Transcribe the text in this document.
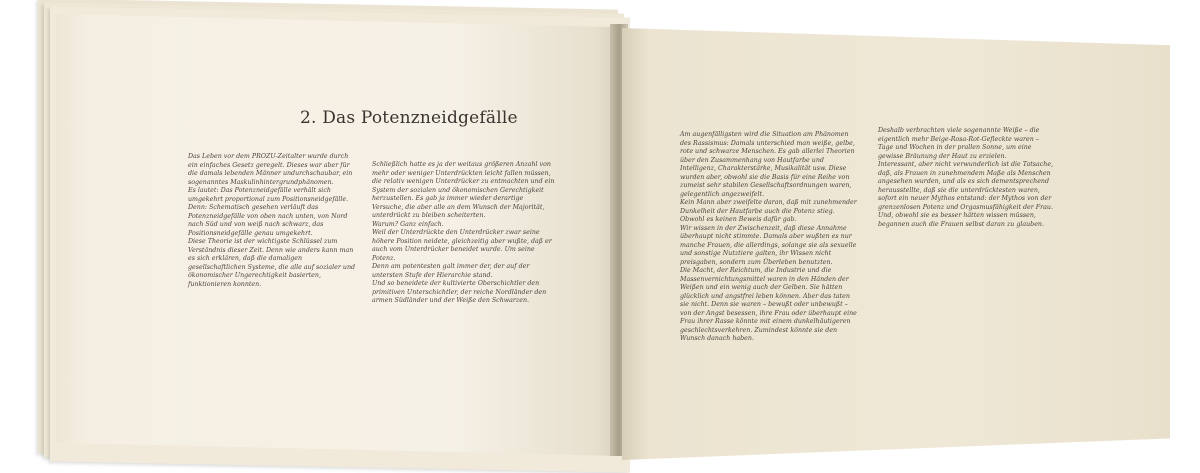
2. Das Potenzneidgefälle

Das Leben vor dem PROZU-Zeitalter wurde durch ein einfaches Gesetz geregelt. Dieses war aber für die damals lebenden Männer undurchschaubar, ein sogenanntes Maskulinhintergrundphänomen.

Es lautet: Das Potenzneidgefälle verhält sich umgekehrt proportional zum Positionsneidgefälle.

Denn: Schematisch gesehen verläuft das Potenzneidgefälle von oben nach unten, von Nord nach Süd und von weiß nach schwarz, das Positionsneidgefälle genau umgekehrt.

Diese Theorie ist der wichtigste Schlüssel zum Verständnis dieser Zeit. Denn wie anders kann man es sich erklären, daß die damaligen gesellschaftlichen Systeme, die alle auf sozialer und ökonomischer Ungerechtigkeit basierten, funktionieren konnten.

Schließlich hatte es ja der weitaus größeren Anzahl von mehr oder weniger Unterdrückten leicht fallen müssen, die relativ wenigen Unterdrücker zu entmachten und ein System der sozialen und ökonomischen Gerechtigkeit herzustellen. Es gab ja immer wieder derartige Versuche, die aber alle an dem Wunsch der Majorität, unterdrückt zu bleiben scheiterten.

Warum? Ganz einfach.

Weil der Unterdrückte den Unterdrücker zwar seine höhere Position neidete, gleichzeitig aber wußte, daß er auch vom Unterdrücker beneidet wurde. Um seine Potenz.

Denn am potentesten galt immer der, der auf der untersten Stufe der Hierarchie stand.

Und so beneidete der kultivierte Oberschichtler den primitiven Unterschichtler, der reiche Nordländer den armen Südländer und der Weiße den Schwarzen.

Am augenfälligsten wird die Situation am Phänomen des Rassismus: Damals unterschied man weiße, gelbe, rote und schwarze Menschen. Es gab allerlei Theorien über den Zusammenhang von Hautfarbe und Intelligenz, Charakterstärke, Musikalität usw. Diese wurden aber, obwohl sie die Basis für eine Reihe von zumeist sehr stabilen Gesellschaftsordnungen waren, gelegentlich angezweifelt.

Kein Mann aber zweifelte daran, daß mit zunehmender Dunkelheit der Hautfarbe auch die Potenz stieg. Obwohl es keinen Beweis dafür gab.

Wir wissen in der Zwischenzeit, daß diese Annahme überhaupt nicht stimmte. Damals aber wußten es nur manche Frauen, die allerdings, solange sie als sexuelle und sonstige Nutztiere galten, ihr Wissen nicht preisgaben, sondern zum Überleben benutzten.

Die Macht, der Reichtum, die Industrie und die Massenvernichtungsmittel waren in den Händen der Weißen und ein wenig auch der Gelben. Sie hätten glücklich und angstfrei leben können. Aber das taten sie nicht. Denn sie waren – bewußt oder unbewußt – von der Angst besessen, ihre Frau oder überhaupt eine Frau ihrer Rasse könnte mit einem dunkelhäutigeren geschlechtsverkehren. Zumindest könnte sie den Wunsch danach haben.

Deshalb verbrachten viele sogenannte Weiße – die eigentlich mehr Beige-Rosa-Rot-Gefleckte waren – Tage und Wochen in der prallen Sonne, um eine gewisse Bräunung der Haut zu erzielen.

Interessant, aber nicht verwunderlich ist die Tatsache, daß, als Frauen in zunehmendem Maße als Menschen angesehen wurden, und als es sich dementsprechend herausstellte, daß sie die unterdrücktesten waren, sofort ein neuer Mythos entstand: der Mythos von der grenzenlosen Potenz und Orgasmusfähigkeit der Frau. Und, obwohl sie es besser hätten wissen müssen, begannen auch die Frauen selbst daran zu glauben.
